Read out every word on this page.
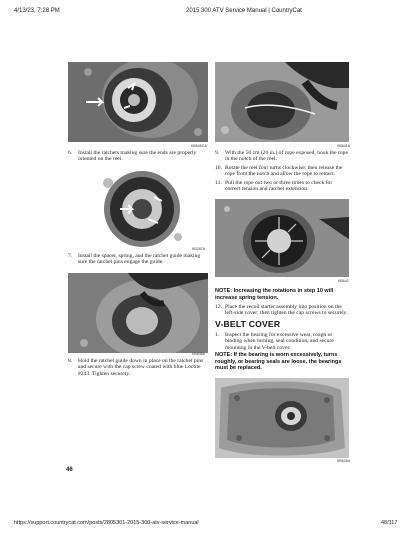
4/13/23, 7:28 PM	2015 300 ATV Service Manual | CountryCat
KB645CA
6.	Install the ratchets making sure the ends are properly oriented on the reel.
KB287A
7.	Install the spacer, spring, and the ratchet guide making sure the ratchet pins engage the guide.
KB646A
8.	Hold the ratchet guide down in place on the ratchet pins and secure with the cap screw coated with blue Loctite #243. Tighten securely.
KB641A
9.	With the 50 cm (20 in.) of rope exposed, hook the rope in the notch of the reel.
10. Rotate the reel four turns clockwise; then release the rope from the notch and allow the rope to retract.
11. Pull the rope out two or three times to check for correct tension and ratchet extension.
KB642
NOTE: Increasing the rotations in step 10 will increase spring tension.
12. Place the recoil starter assembly into position on the left-side cover; then tighten the cap screws to securely.
V-BELT COVER
1.	Inspect the bearing for excessive wear, rough or binding when turning, seal condition, and secure mounting in the V-belt cover.
NOTE: If the bearing is worn excessively, turns roughly, or bearing seals are loose, the bearings must be replaced.
KB639A
46
https://support.countrycat.com/posts/2805301-2015-300-atv-service-manual	48/117
